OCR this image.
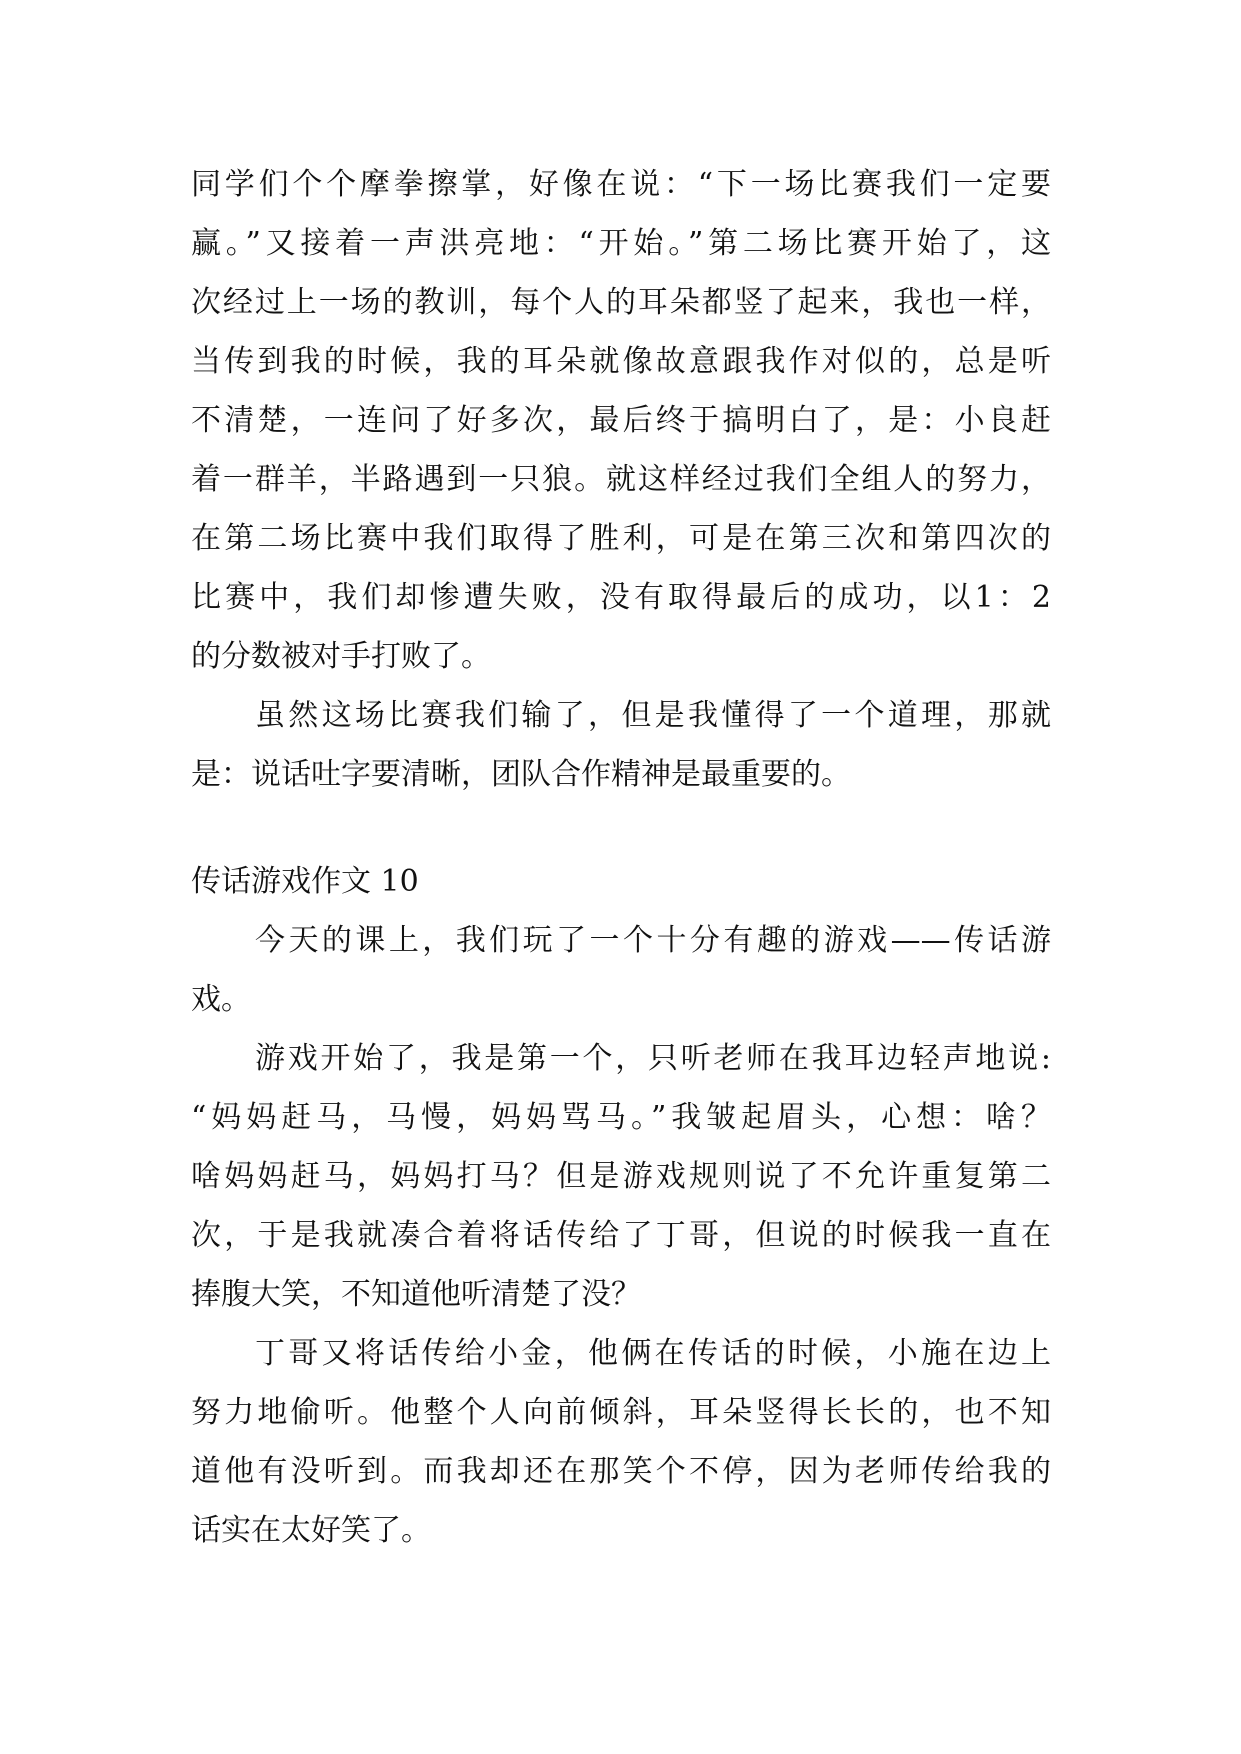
同学们个个摩拳擦掌，好像在说：“下一场比赛我们一定要
赢。”又接着一声洪亮地：“开始。”第二场比赛开始了，这
次经过上一场的教训，每个人的耳朵都竖了起来，我也一样，
当传到我的时候，我的耳朵就像故意跟我作对似的，总是听
不清楚，一连问了好多次，最后终于搞明白了，是：小良赶
着一群羊，半路遇到一只狼。就这样经过我们全组人的努力，
在第二场比赛中我们取得了胜利，可是在第三次和第四次的
比赛中，我们却惨遭失败，没有取得最后的成功，以1：2
的分数被对手打败了。
虽然这场比赛我们输了，但是我懂得了一个道理，那就
是：说话吐字要清晰，团队合作精神是最重要的。
传话游戏作文 10
今天的课上，我们玩了一个十分有趣的游戏——传话游
戏。
游戏开始了，我是第一个，只听老师在我耳边轻声地说:
“妈妈赶马，马慢，妈妈骂马。”我皱起眉头，心想：啥？
啥妈妈赶马，妈妈打马？但是游戏规则说了不允许重复第二
次，于是我就凑合着将话传给了丁哥，但说的时候我一直在
捧腹大笑，不知道他听清楚了没？
丁哥又将话传给小金，他俩在传话的时候，小施在边上
努力地偷听。他整个人向前倾斜，耳朵竖得长长的，也不知
道他有没听到。而我却还在那笑个不停，因为老师传给我的
话实在太好笑了。
